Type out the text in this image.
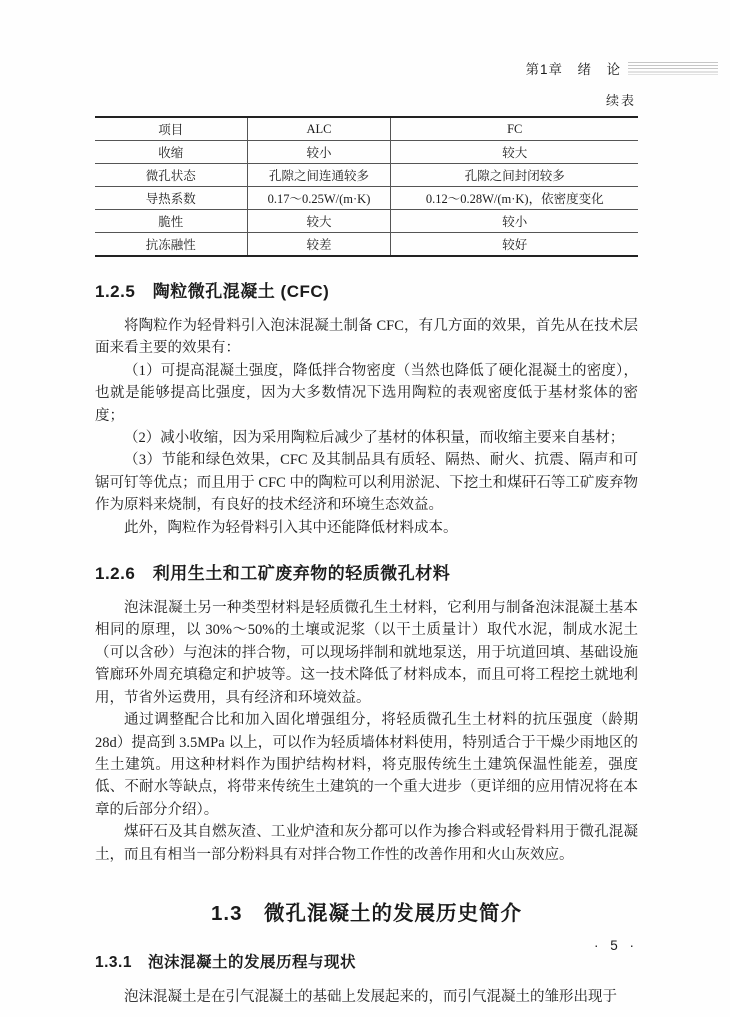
第1章　绪　论
续表
项目	ALC	FC
收缩	较小	较大
微孔状态	孔隙之间连通较多	孔隙之间封闭较多
导热系数	0.17～0.25W/(m·K)	0.12～0.28W/(m·K)，依密度变化
脆性	较大	较小
抗冻融性	较差	较好
1.2.5　陶粒微孔混凝土 (CFC)

将陶粒作为轻骨料引入泡沫混凝土制备 CFC，有几方面的效果，首先从在技术层面来看主要的效果有：

（1）可提高混凝土强度，降低拌合物密度（当然也降低了硬化混凝土的密度），也就是能够提高比强度，因为大多数情况下选用陶粒的表观密度低于基材浆体的密度；

（2）减小收缩，因为采用陶粒后减少了基材的体积量，而收缩主要来自基材；

（3）节能和绿色效果，CFC 及其制品具有质轻、隔热、耐火、抗震、隔声和可锯可钉等优点；而且用于 CFC 中的陶粒可以利用淤泥、下挖土和煤矸石等工矿废弃物作为原料来烧制，有良好的技术经济和环境生态效益。

此外，陶粒作为轻骨料引入其中还能降低材料成本。

1.2.6　利用生土和工矿废弃物的轻质微孔材料

泡沫混凝土另一种类型材料是轻质微孔生土材料，它利用与制备泡沫混凝土基本相同的原理，以 30%～50%的土壤或泥浆（以干土质量计）取代水泥，制成水泥土（可以含砂）与泡沫的拌合物，可以现场拌制和就地泵送，用于坑道回填、基础设施管廊环外周充填稳定和护坡等。这一技术降低了材料成本，而且可将工程挖土就地利用，节省外运费用，具有经济和环境效益。

通过调整配合比和加入固化增强组分，将轻质微孔生土材料的抗压强度（龄期 28d）提高到 3.5MPa 以上，可以作为轻质墙体材料使用，特别适合于干燥少雨地区的生土建筑。用这种材料作为围护结构材料，将克服传统生土建筑保温性能差，强度低、不耐水等缺点，将带来传统生土建筑的一个重大进步（更详细的应用情况将在本章的后部分介绍）。

煤矸石及其自燃灰渣、工业炉渣和灰分都可以作为掺合料或轻骨料用于微孔混凝土，而且有相当一部分粉料具有对拌合物工作性的改善作用和火山灰效应。

1.3　微孔混凝土的发展历史简介
1.3.1　泡沫混凝土的发展历程与现状

泡沫混凝土是在引气混凝土的基础上发展起来的，而引气混凝土的雏形出现于

· 5 ·
